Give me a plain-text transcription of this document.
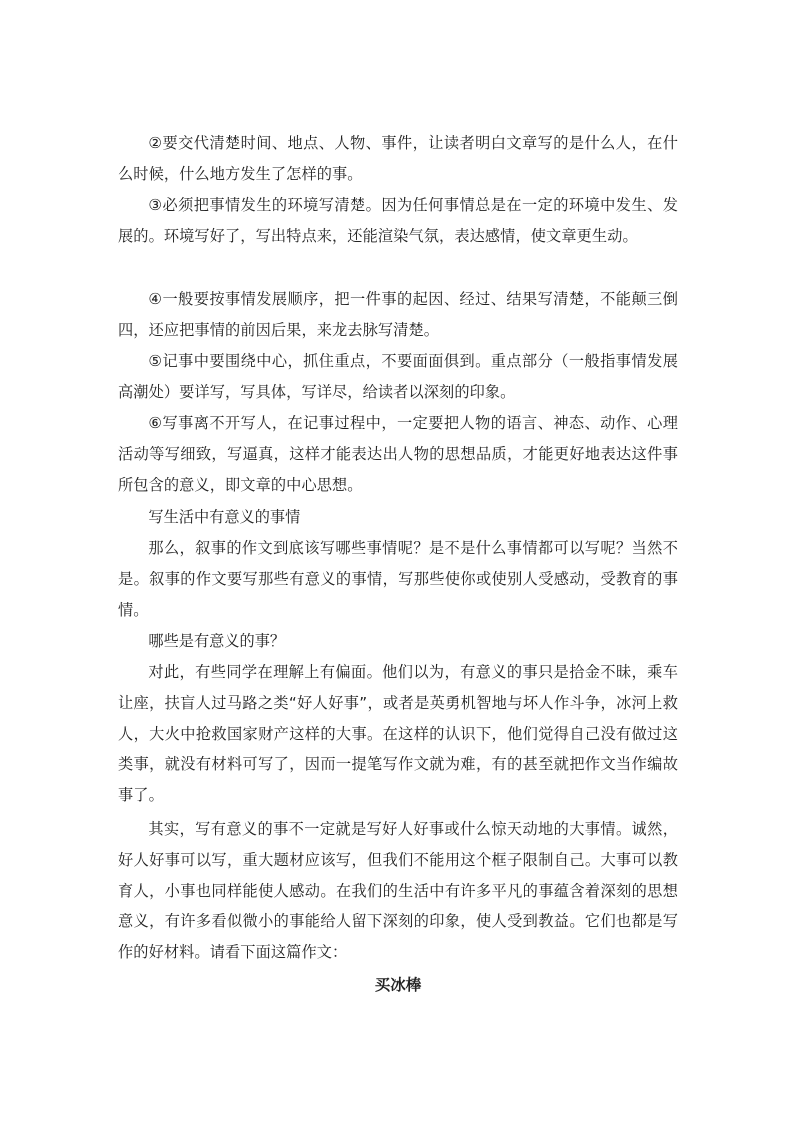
②要交代清楚时间、地点、人物、事件，让读者明白文章写的是什么人，在什么时候，什么地方发生了怎样的事。

③必须把事情发生的环境写清楚。因为任何事情总是在一定的环境中发生、发展的。环境写好了，写出特点来，还能渲染气氛，表达感情，使文章更生动。

④一般要按事情发展顺序，把一件事的起因、经过、结果写清楚，不能颠三倒四，还应把事情的前因后果，来龙去脉写清楚。

⑤记事中要围绕中心，抓住重点，不要面面俱到。重点部分（一般指事情发展高潮处）要详写，写具体，写详尽，给读者以深刻的印象。

⑥写事离不开写人，在记事过程中，一定要把人物的语言、神态、动作、心理活动等写细致，写逼真，这样才能表达出人物的思想品质，才能更好地表达这件事所包含的意义，即文章的中心思想。

写生活中有意义的事情

那么，叙事的作文到底该写哪些事情呢？是不是什么事情都可以写呢？当然不是。叙事的作文要写那些有意义的事情，写那些使你或使别人受感动，受教育的事情。

哪些是有意义的事？

对此，有些同学在理解上有偏面。他们以为，有意义的事只是拾金不昧，乘车让座，扶盲人过马路之类“好人好事”，或者是英勇机智地与坏人作斗争，冰河上救人，大火中抢救国家财产这样的大事。在这样的认识下，他们觉得自己没有做过这类事，就没有材料可写了，因而一提笔写作文就为难，有的甚至就把作文当作编故事了。

其实，写有意义的事不一定就是写好人好事或什么惊天动地的大事情。诚然，好人好事可以写，重大题材应该写，但我们不能用这个框子限制自己。大事可以教育人，小事也同样能使人感动。在我们的生活中有许多平凡的事蕴含着深刻的思想意义，有许多看似微小的事能给人留下深刻的印象，使人受到教益。它们也都是写作的好材料。请看下面这篇作文：

买冰棒
